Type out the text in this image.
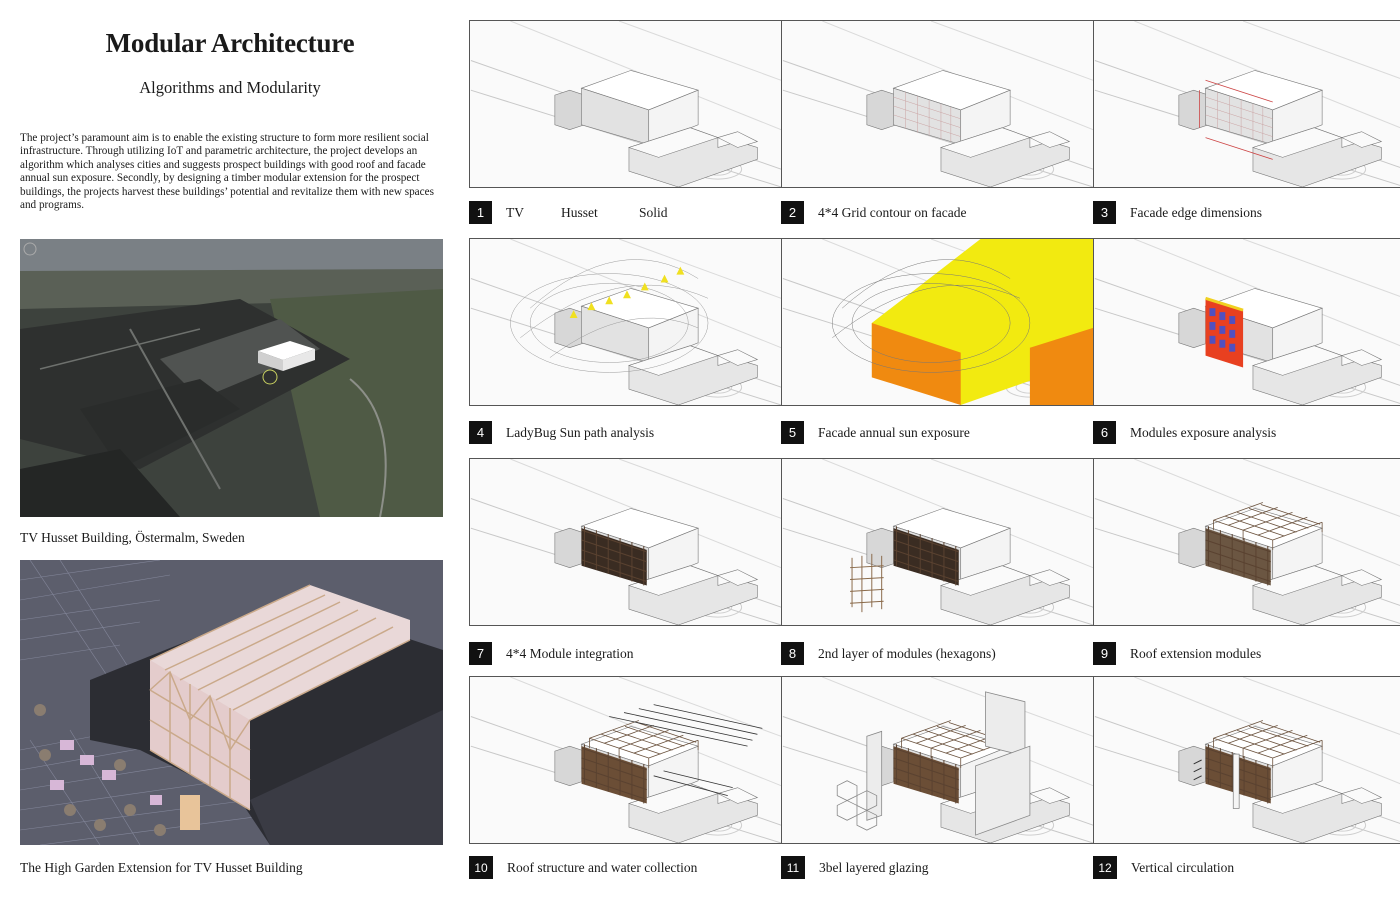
Modular Architecture
Algorithms and Modularity

The project’s paramount aim is to enable the existing structure to form more resilient social infrastructure. Through utilizing IoT and parametric architecture, the project develops an algorithm which analyses cities and suggests prospect buildings with good roof and facade annual sun exposure. Secondly, by designing a timber modular extension for the prospect buildings, the projects harvest these buildings’ potential and revitalize them with new spaces and programs.

TV Husset Building, Östermalm, Sweden
The High Garden Extension for TV Husset Building
1	TV	Husset	Solid	2	4*4 Grid contour on facade	3	Facade edge dimensions
4	LadyBug Sun path analysis	5	Facade annual sun exposure	6	Modules exposure analysis
7	4*4 Module integration	8	2nd layer of modules (hexagons)	9	Roof extension modules
10	Roof structure and water collection	11	3bel layered glazing	12	Vertical circulation
